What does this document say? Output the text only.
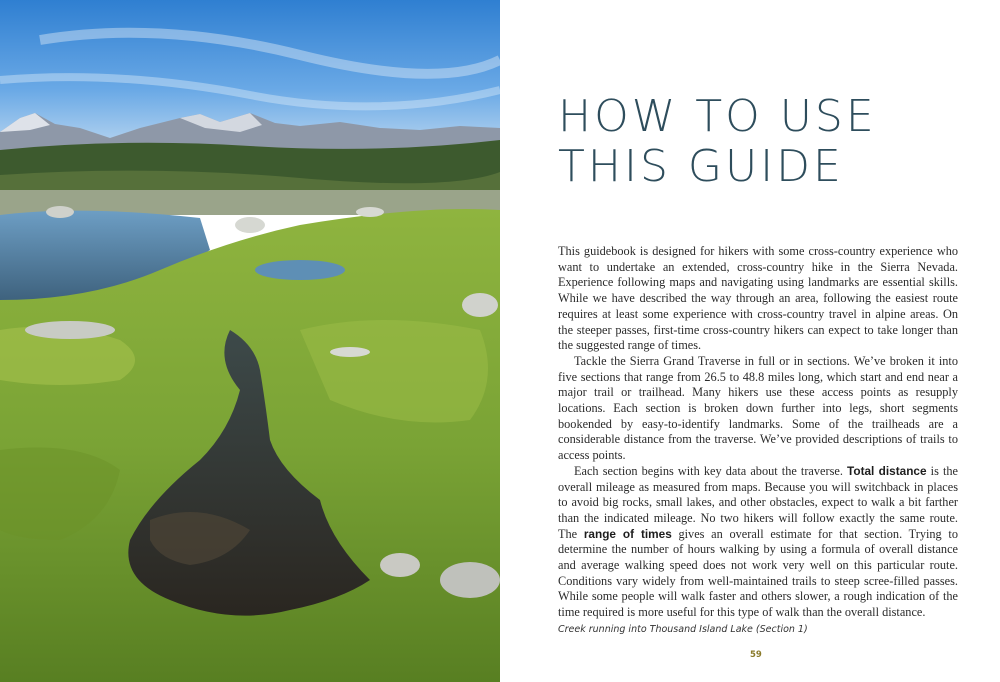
HOW TO USE
THIS GUIDE

This guidebook is designed for hikers with some cross-country experience who want to undertake an extended, cross-country hike in the Sierra Nevada. Experience following maps and navigating using landmarks are essential skills. While we have described the way through an area, following the easiest route requires at least some experience with cross-country travel in alpine areas. On the steeper passes, first-time cross-country hikers can expect to take longer than the suggested range of times.

Tackle the Sierra Grand Traverse in full or in sections. We’ve broken it into five sections that range from 26.5 to 48.8 miles long, which start and end near a major trail or trailhead. Many hikers use these access points as resupply locations. Each section is broken down further into legs, short segments bookended by easy-to-identify landmarks. Some of the trailheads are a considerable distance from the traverse. We’ve provided descriptions of trails to access points.

Each section begins with key data about the traverse. Total distance is the overall mileage as measured from maps. Because you will switchback in places to avoid big rocks, small lakes, and other obstacles, expect to walk a bit farther than the indicated mileage. No two hikers will follow exactly the same route. The range of times gives an overall estimate for that section. Trying to determine the number of hours walking by using a formula of overall distance and average walking speed does not work very well on this particular route. Conditions vary widely from well-maintained trails to steep scree-filled passes. While some people will walk faster and others slower, a rough indication of the time required is more useful for this type of walk than the overall distance.

Creek running into Thousand Island Lake (Section 1)
59
